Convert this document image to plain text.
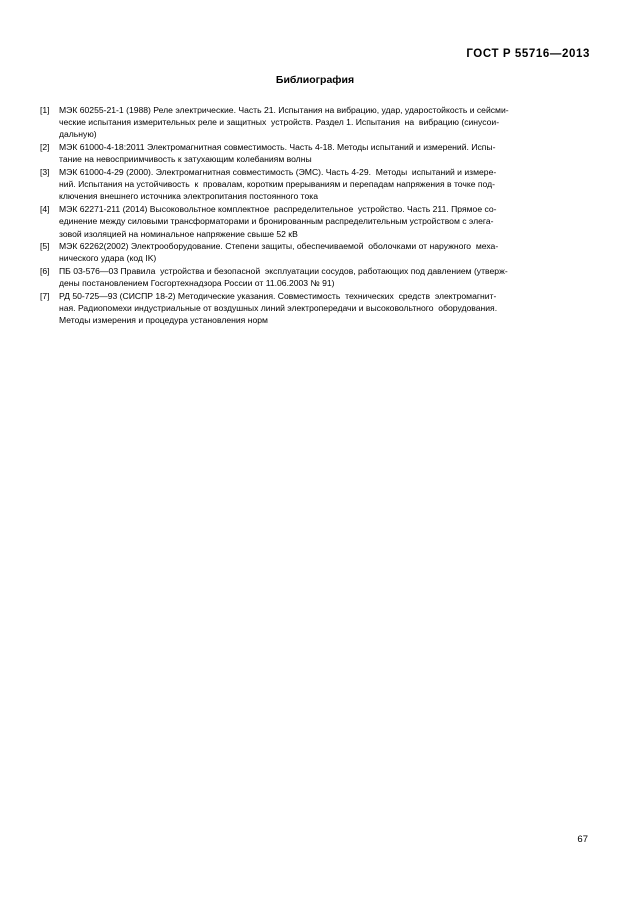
ГОСТ Р 55716—2013
Библиография
[1]	МЭК 60255-21-1 (1988) Реле электрические. Часть 21. Испытания на вибрацию, удар, ударостойкость и сейсми-
ческие испытания измерительных реле и защитных  устройств. Раздел 1. Испытания  на  вибрацию (синусои-
дальную)
[2]	МЭК 61000-4-18:2011 Электромагнитная совместимость. Часть 4-18. Методы испытаний и измерений. Испы-
тание на невосприимчивость к затухающим колебаниям волны
[3]	МЭК 61000-4-29 (2000). Электромагнитная совместимость (ЭМС). Часть 4-29.  Методы  испытаний и измере-
ний. Испытания на устойчивость  к  провалам, коротким прерываниям и перепадам напряжения в точке под-
ключения внешнего источника электропитания постоянного тока
[4]	МЭК 62271-211 (2014) Высоковольтное комплектное  распределительное  устройство. Часть 211. Прямое со-
единение между силовыми трансформаторами и бронированным распределительным устройством с элега-
зовой изоляцией на номинальное напряжение свыше 52 кВ
[5]	МЭК 62262(2002) Электрооборудование. Степени защиты, обеспечиваемой  оболочками от наружного  меха-
нического удара (код IK)
[6]	ПБ 03-576—03 Правила  устройства и безопасной  эксплуатации сосудов, работающих под давлением (утверж-
дены постановлением Госгортехнадзора России от 11.06.2003 № 91)
[7]	РД 50-725—93 (СИСПР 18-2) Методические указания. Совместимость  технических  средств  электромагнит-
ная. Радиопомехи индустриальные от воздушных линий электропередачи и высоковольтного  оборудования.
Методы измерения и процедура установления норм
67
